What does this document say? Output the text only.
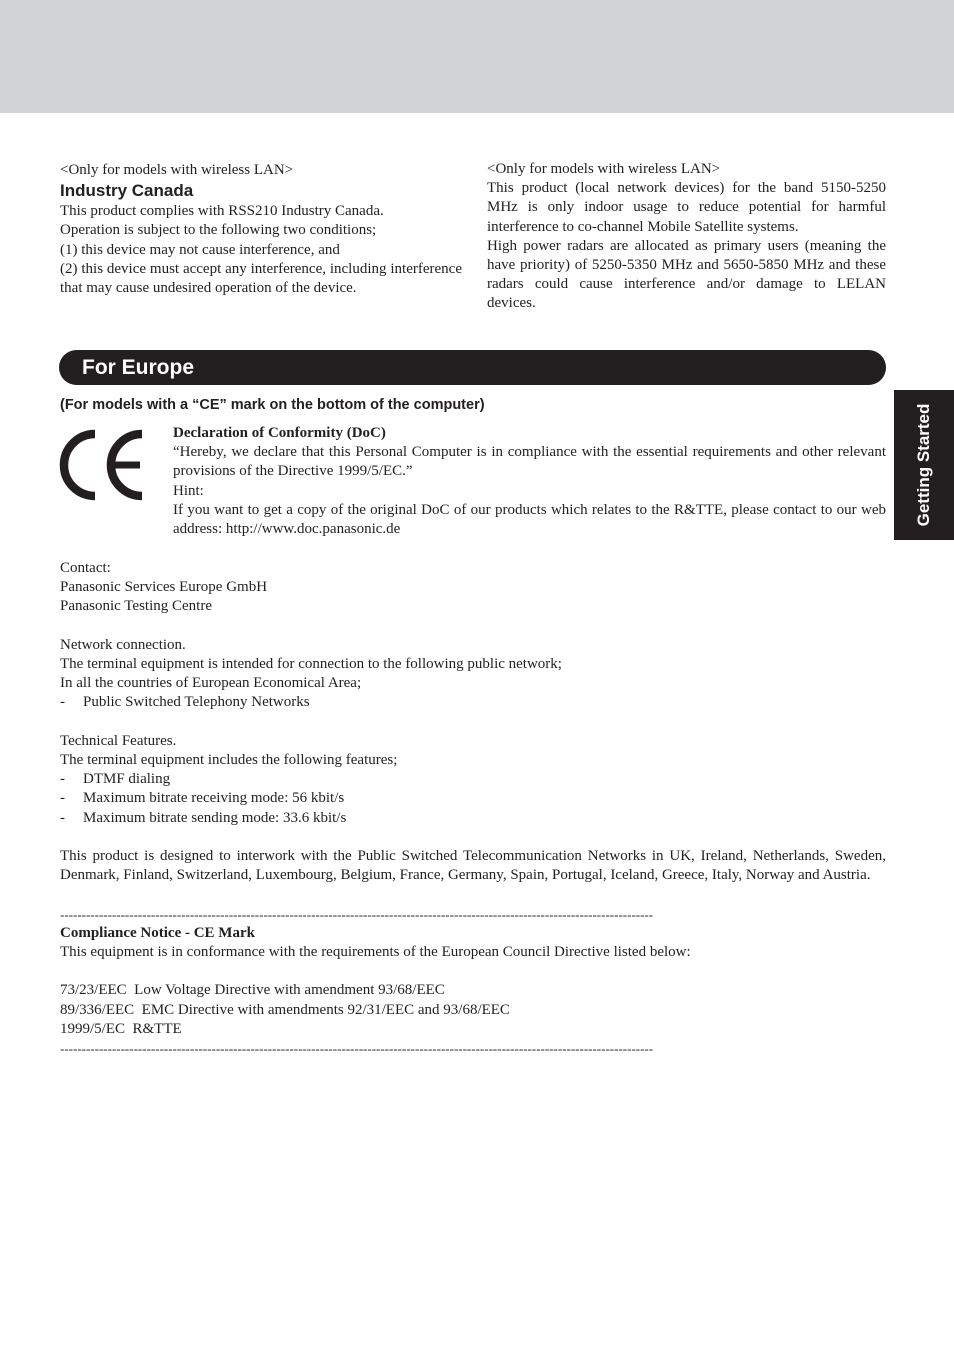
<Only for models with wireless LAN>

Industry Canada

This product complies with RSS210 Industry Canada.

Operation is subject to the following two conditions;

(1) this device may not cause interference, and

(2) this device must accept any interference, including interference that may cause undesired operation of the device.

<Only for models with wireless LAN>

This product (local network devices) for the band 5150-5250 MHz is only indoor usage to reduce potential for harmful interference to co-channel Mobile Satellite systems.

High power radars are allocated as primary users (meaning the have priority) of 5250-5350 MHz and 5650-5850 MHz and these radars could cause interference and/or damage to LELAN devices.

For Europe
Getting Started
(For models with a “CE” mark on the bottom of the computer)

Declaration of Conformity (DoC)

“Hereby, we declare that this Personal Computer is in compliance with the essential requirements and other relevant provisions of the Directive 1999/5/EC.”

Hint:

If you want to get a copy of the original DoC of our products which relates to the R&TTE, please contact to our web address: http://www.doc.panasonic.de

Contact:

Panasonic Services Europe GmbH

Panasonic Testing Centre

Network connection.

The terminal equipment is intended for connection to the following public network;

In all the countries of European Economical Area;

-	Public Switched Telephony Networks

Technical Features.

The terminal equipment includes the following features;

-	DTMF dialing
-	Maximum bitrate receiving mode: 56 kbit/s
-	Maximum bitrate sending mode: 33.6 kbit/s

This product is designed to interwork with the Public Switched Telecommunication Networks in UK, Ireland, Netherlands, Sweden, Denmark, Finland, Switzerland, Luxembourg, Belgium, France, Germany, Spain, Portugal, Iceland, Greece, Italy, Norway and Austria.

-----------------------------------------------------------------------------------------------------------------------------------------

Compliance Notice - CE Mark

This equipment is in conformance with the requirements of the European Council Directive listed below:

73/23/EEC  Low Voltage Directive with amendment 93/68/EEC

89/336/EEC  EMC Directive with amendments 92/31/EEC and 93/68/EEC

1999/5/EC  R&TTE

-----------------------------------------------------------------------------------------------------------------------------------------
